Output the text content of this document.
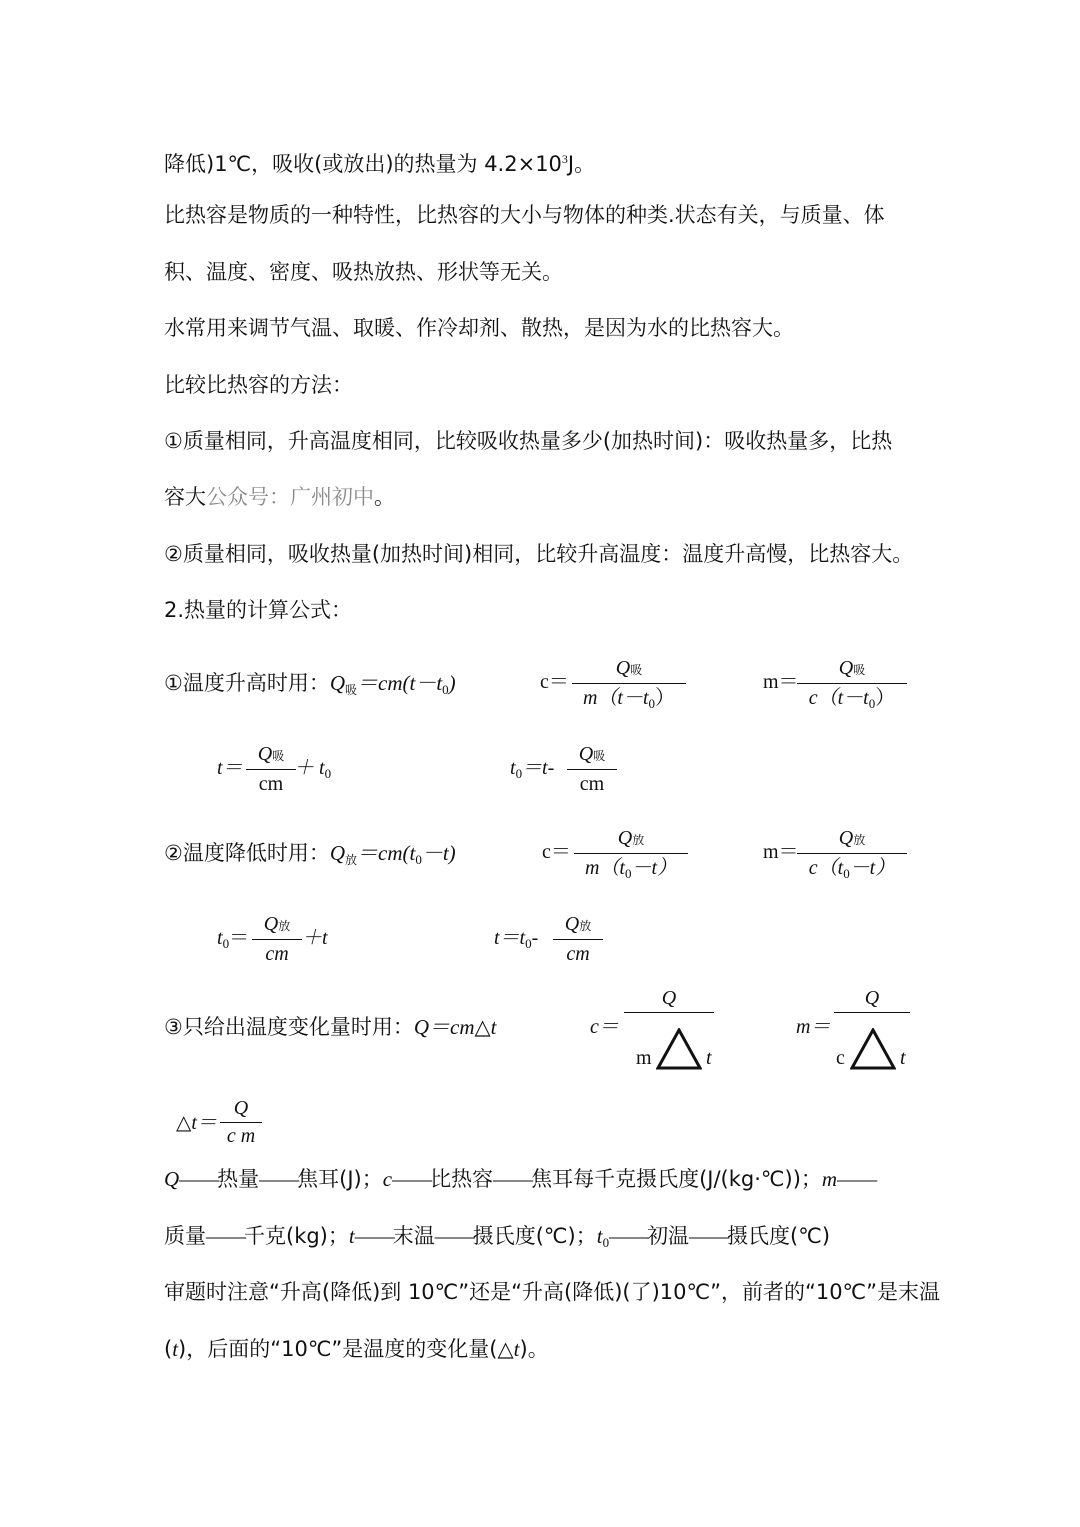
降低)1℃，吸收(或放出)的热量为 $4.2\times 10^3J$。
比热容是物质的一种特性，比热容的大小与物体的种类.状态有关，与质量、体
积、温度、密度、吸热放热、形状等无关。
水常用来调节气温、取暖、作冷却剂、散热，是因为水的比热容大。
比较比热容的方法：
①质量相同，升高温度相同，比较吸收热量多少(加热时间)：吸收热量多，比热
容大公众号：广州初中。
②质量相同，吸收热量(加热时间)相同，比较升高温度：温度升高慢，比热容大。
2.热量的计算公式：
①温度升高时用：$Q_吸=cm(t-t_0)$	c＝
Q吸
$m(t-t_0)$
m＝
Q吸
$c(t-t_0)$
t＝
Q吸
cm
＋ $t_0$	$t_0=t-$
Q吸
cm
②温度降低时用：$Q_放=cm(t_0-t)$	c＝
Q放
$m(t_0-t)$
m＝
Q放
$c(t_0-t)$
$t_0=$
Q放
cm
＋t	$t=t_0-$
Q放
cm
③只给出温度变化量时用：Q＝cm△t	c＝
Q
m	t
m＝
Q
c	t
△t＝
Q
c m
Q——热量——焦耳(J)；c——比热容——焦耳每千克摄氏度(J/(kg·℃))；m——
质量——千克(kg)；t——末温——摄氏度(℃)；$t_0——$初温——摄氏度(℃)
审题时注意“升高(降低)到 10℃”还是“升高(降低)(了)10℃”，前者的“10℃”是末温
(t)，后面的“10℃”是温度的变化量(△t)。
